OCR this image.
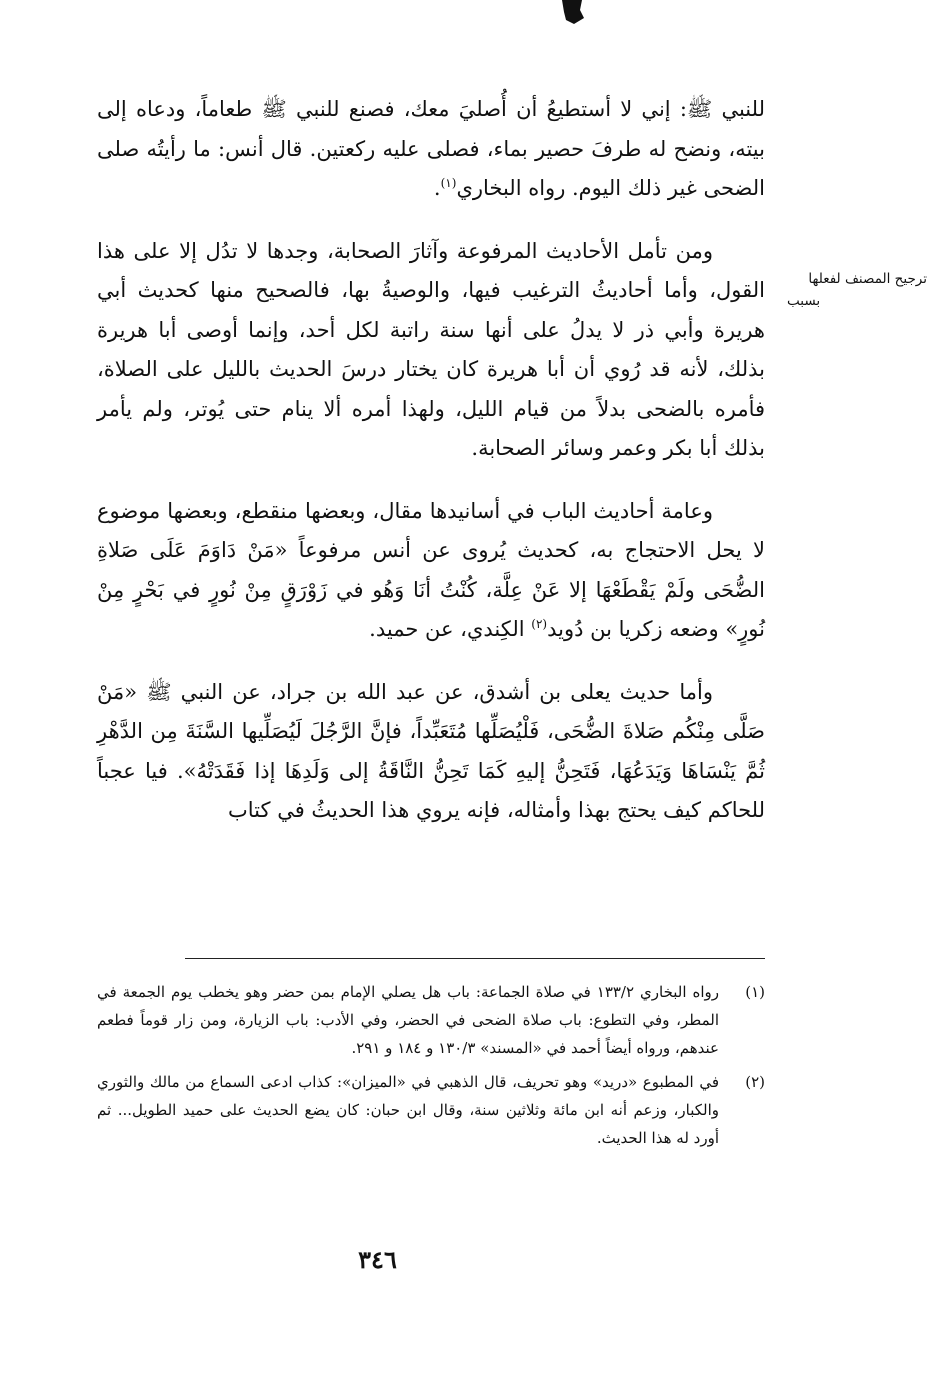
ترجيح المصنف لفعلها
بسبب

للنبي ﷺ: إني لا أستطيعُ أن أُصليَ معك، فصنع للنبي ﷺ طعاماً، ودعاه إلى بيته، ونضح له طرفَ حصير بماء، فصلى عليه ركعتين. قال أنس: ما رأيتُه صلى الضحى غير ذلك اليوم. رواه البخاري$^{(١)}$.

ومن تأمل الأحاديث المرفوعة وآثارَ الصحابة، وجدها لا تدُل إلا على هذا القول، وأما أحاديثُ الترغيب فيها، والوصيةُ بها، فالصحيح منها كحديث أبي هريرة وأبي ذر لا يدلُ على أنها سنة راتبة لكل أحد، وإنما أوصى أبا هريرة بذلك، لأنه قد رُوي أن أبا هريرة كان يختار درسَ الحديث بالليل على الصلاة، فأمره بالضحى بدلاً من قيام الليل، ولهذا أمره ألا ينام حتى يُوتر، ولم يأمر بذلك أبا بكر وعمر وسائر الصحابة.

وعامة أحاديث الباب في أسانيدها مقال، وبعضها منقطع، وبعضها موضوع لا يحل الاحتجاج به، كحديث يُروى عن أنس مرفوعاً «مَنْ دَاوَمَ عَلَى صَلاةِ الضُّحَى ولَمْ يَقْطَعْهَا إلا عَنْ عِلَّة، كُنْتُ أنَا وَهُو في زَوْرَقٍ مِنْ نُورٍ في بَحْرٍ مِنْ نُورٍ» وضعه زكريا بن دُويد$^{(٢)}$ الكِندي، عن حميد.

وأما حديث يعلى بن أشدق، عن عبد الله بن جراد، عن النبي ﷺ «مَنْ صَلَّى مِنْكُم صَلاةَ الضُّحَى، فَلْيُصَلِّها مُتَعَبِّداً، فإنَّ الرَّجُلَ لَيُصَلِّيها السَّنَةَ مِن الدَّهْرِ ثُمَّ يَنْسَاهَا وَيَدَعُهَا، فَتَحِنُّ إليهِ كَمَا تَحِنُّ النَّاقَةُ إلى وَلَدِهَا إذا فَقَدَتْهُ». فيا عجباً للحاكم كيف يحتج بهذا وأمثاله، فإنه يروي هذا الحديثُ في كتاب

(١)
رواه البخاري ١٣٣/٢ في صلاة الجماعة: باب هل يصلي الإمام بمن حضر وهو يخطب يوم الجمعة في المطر، وفي التطوع: باب صلاة الضحى في الحضر، وفي الأدب: باب الزيارة، ومن زار قوماً فطعم عندهم، ورواه أيضاً أحمد في «المسند» ١٣٠/٣ و ١٨٤ و ٢٩١.
(٢)
في المطبوع «دريد» وهو تحريف، قال الذهبي في «الميزان»: كذاب ادعى السماع من مالك والثوري والكبار، وزعم أنه ابن مائة وثلاثين سنة، وقال ابن حبان: كان يضع الحديث على حميد الطويل... ثم أورد له هذا الحديث.
٣٤٦
